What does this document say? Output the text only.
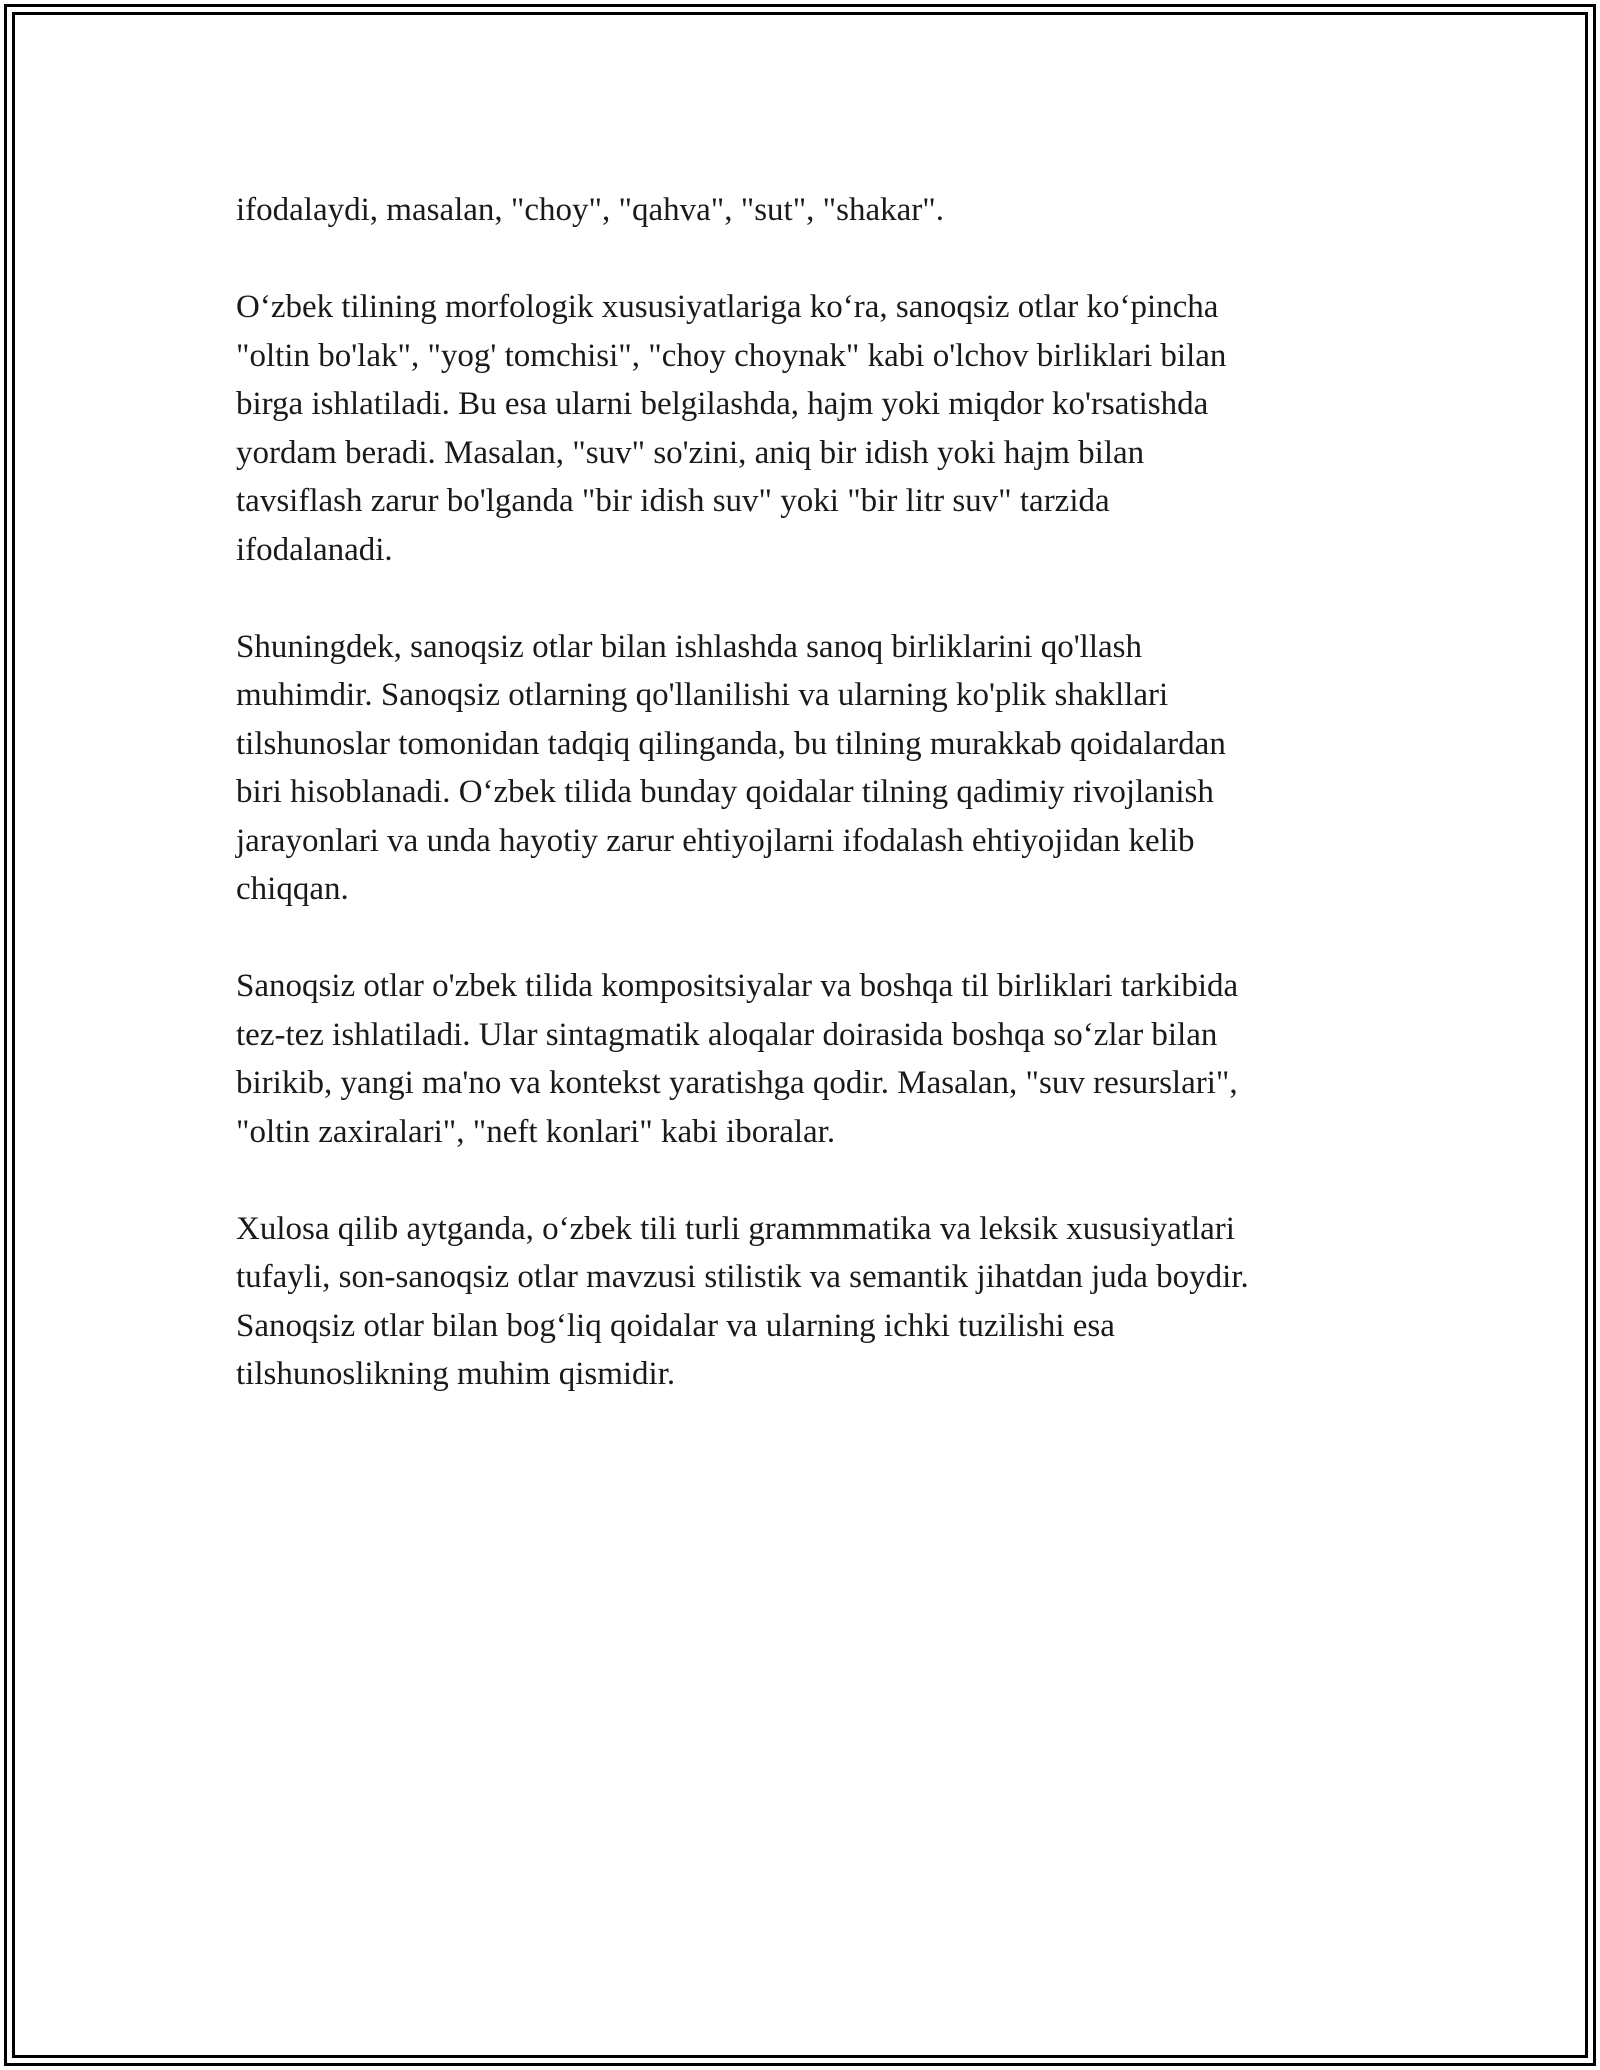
ifodalaydi, masalan, "choy", "qahva", "sut", "shakar".

O‘zbek tilining morfologik xususiyatlariga ko‘ra, sanoqsiz otlar ko‘pincha
"oltin bo'lak", "yog' tomchisi", "choy choynak" kabi o'lchov birliklari bilan
birga ishlatiladi. Bu esa ularni belgilashda, hajm yoki miqdor ko'rsatishda
yordam beradi. Masalan, "suv" so'zini, aniq bir idish yoki hajm bilan
tavsiflash zarur bo'lganda "bir idish suv" yoki "bir litr suv" tarzida
ifodalanadi.

Shuningdek, sanoqsiz otlar bilan ishlashda sanoq birliklarini qo'llash
muhimdir. Sanoqsiz otlarning qo'llanilishi va ularning ko'plik shakllari
tilshunoslar tomonidan tadqiq qilinganda, bu tilning murakkab qoidalardan
biri hisoblanadi. O‘zbek tilida bunday qoidalar tilning qadimiy rivojlanish
jarayonlari va unda hayotiy zarur ehtiyojlarni ifodalash ehtiyojidan kelib
chiqqan.

Sanoqsiz otlar o'zbek tilida kompositsiyalar va boshqa til birliklari tarkibida
tez-tez ishlatiladi. Ular sintagmatik aloqalar doirasida boshqa so‘zlar bilan
birikib, yangi ma'no va kontekst yaratishga qodir. Masalan, "suv resurslari",
"oltin zaxiralari", "neft konlari" kabi iboralar.

Xulosa qilib aytganda, o‘zbek tili turli grammmatika va leksik xususiyatlari
tufayli, son-sanoqsiz otlar mavzusi stilistik va semantik jihatdan juda boydir.
Sanoqsiz otlar bilan bog‘liq qoidalar va ularning ichki tuzilishi esa
tilshunoslikning muhim qismidir.
